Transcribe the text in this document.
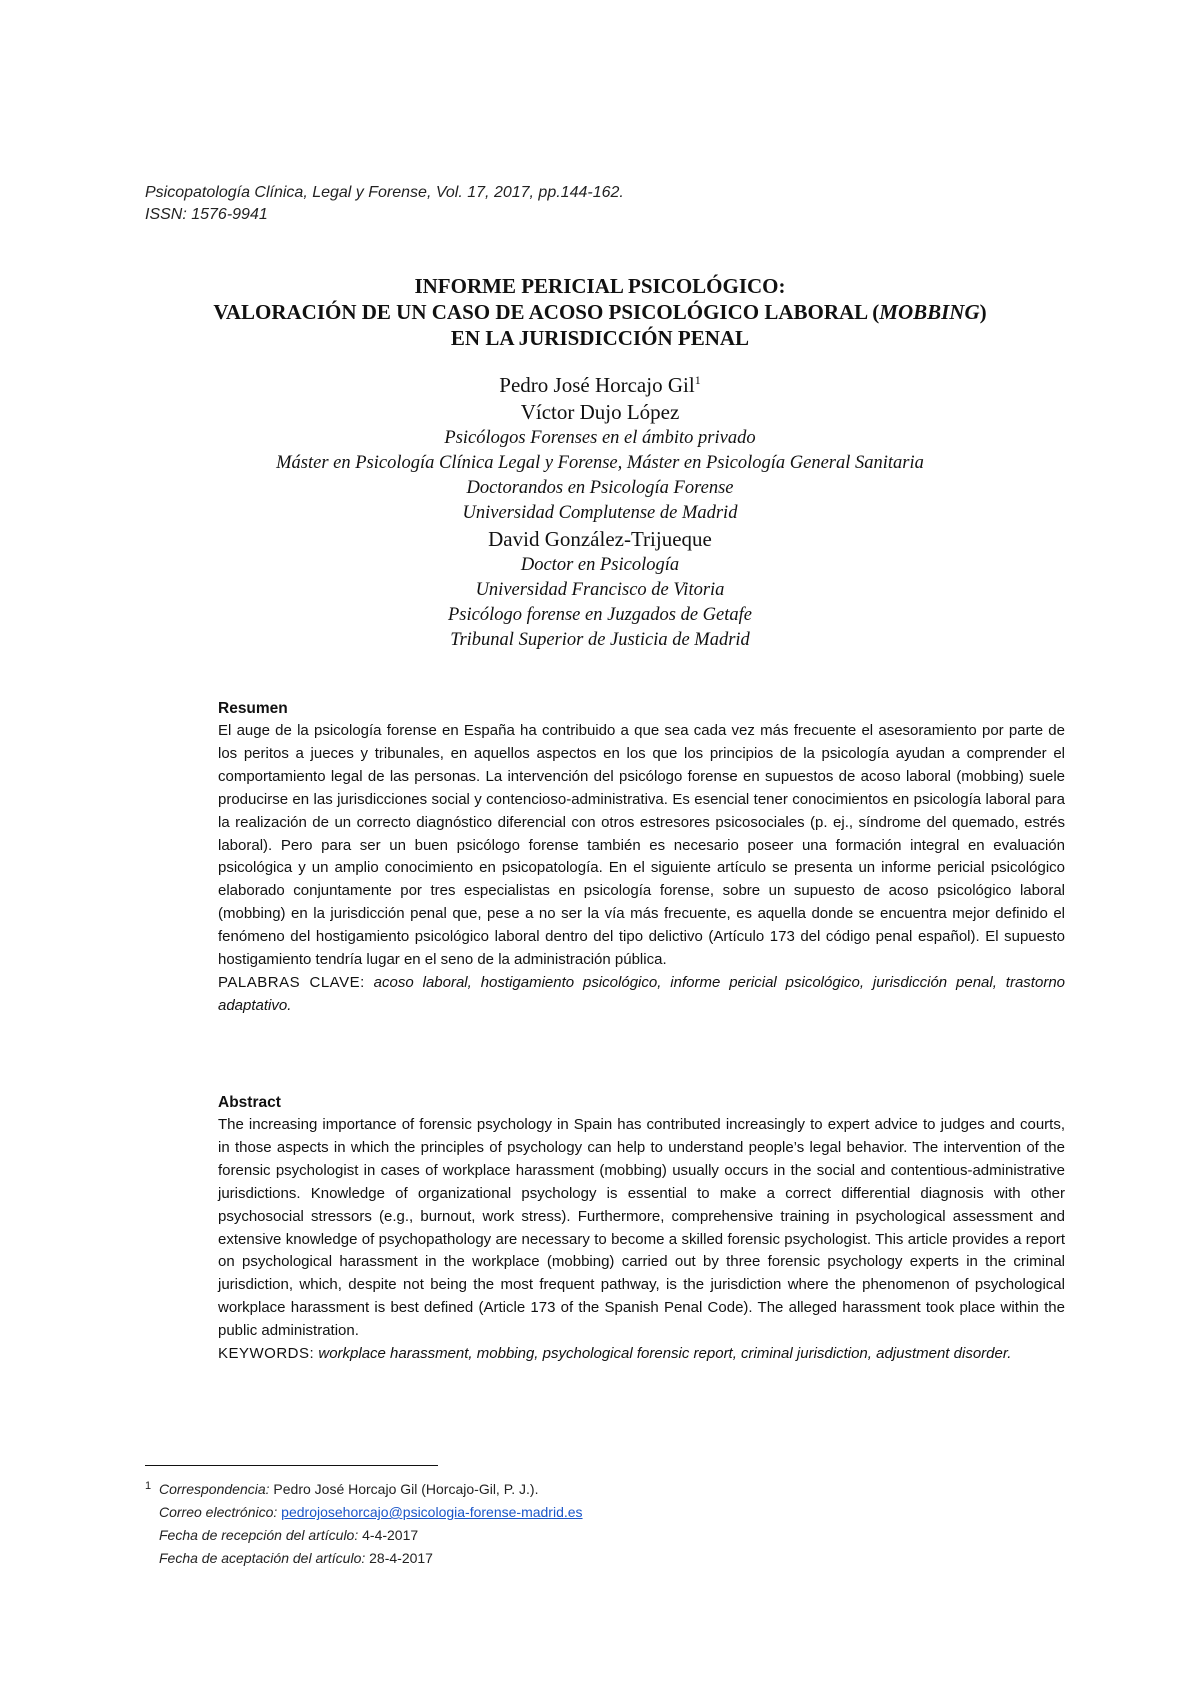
Psicopatología Clínica, Legal y Forense, Vol. 17, 2017, pp.144-162.
ISSN: 1576-9941
INFORME PERICIAL PSICOLÓGICO:
VALORACIÓN DE UN CASO DE ACOSO PSICOLÓGICO LABORAL (MOBBING)
EN LA JURISDICCIÓN PENAL
Pedro José Horcajo Gil$^1$
Víctor Dujo López
Psicólogos Forenses en el ámbito privado
Máster en Psicología Clínica Legal y Forense, Máster en Psicología General Sanitaria
Doctorandos en Psicología Forense
Universidad Complutense de Madrid
David González-Trijueque
Doctor en Psicología
Universidad Francisco de Vitoria
Psicólogo forense en Juzgados de Getafe
Tribunal Superior de Justicia de Madrid
Resumen
El auge de la psicología forense en España ha contribuido a que sea cada vez más frecuente el asesoramiento por parte de los peritos a jueces y tribunales, en aquellos aspectos en los que los principios de la psicología ayudan a comprender el comportamiento legal de las personas. La intervención del psicólogo forense en supuestos de acoso laboral (mobbing) suele producirse en las jurisdicciones social y contencioso-administrativa. Es esencial tener conocimientos en psicología laboral para la realización de un correcto diagnóstico diferencial con otros estresores psicosociales (p. ej., síndrome del quemado, estrés laboral). Pero para ser un buen psicólogo forense también es necesario poseer una formación integral en evaluación psicológica y un amplio conocimiento en psicopatología. En el siguiente artículo se presenta un informe pericial psicológico elaborado conjuntamente por tres especialistas en psicología forense, sobre un supuesto de acoso psicológico laboral (mobbing) en la jurisdicción penal que, pese a no ser la vía más frecuente, es aquella donde se encuentra mejor definido el fenómeno del hostigamiento psicológico laboral dentro del tipo delictivo (Artículo 173 del código penal español). El supuesto hostigamiento tendría lugar en el seno de la administración pública.
PALABRAS CLAVE: acoso laboral, hostigamiento psicológico, informe pericial psicológico, jurisdicción penal, trastorno adaptativo.
Abstract
The increasing importance of forensic psychology in Spain has contributed increasingly to expert advice to judges and courts, in those aspects in which the principles of psychology can help to understand people’s legal behavior. The intervention of the forensic psychologist in cases of workplace harassment (mobbing) usually occurs in the social and contentious-administrative jurisdictions. Knowledge of organizational psychology is essential to make a correct differential diagnosis with other psychosocial stressors (e.g., burnout, work stress). Furthermore, comprehensive training in psychological assessment and extensive knowledge of psychopathology are necessary to become a skilled forensic psychologist. This article provides a report on psychological harassment in the workplace (mobbing) carried out by three forensic psychology experts in the criminal jurisdiction, which, despite not being the most frequent pathway, is the jurisdiction where the phenomenon of psychological workplace harassment is best defined (Article 173 of the Spanish Penal Code). The alleged harassment took place within the public administration.
KEYWORDS: workplace harassment, mobbing, psychological forensic report, criminal jurisdiction, adjustment disorder.
1 Correspondencia: Pedro José Horcajo Gil (Horcajo-Gil, P. J.).
Correo electrónico: pedrojosehorcajo@psicologia-forense-madrid.es
Fecha de recepción del artículo: 4-4-2017
Fecha de aceptación del artículo: 28-4-2017
